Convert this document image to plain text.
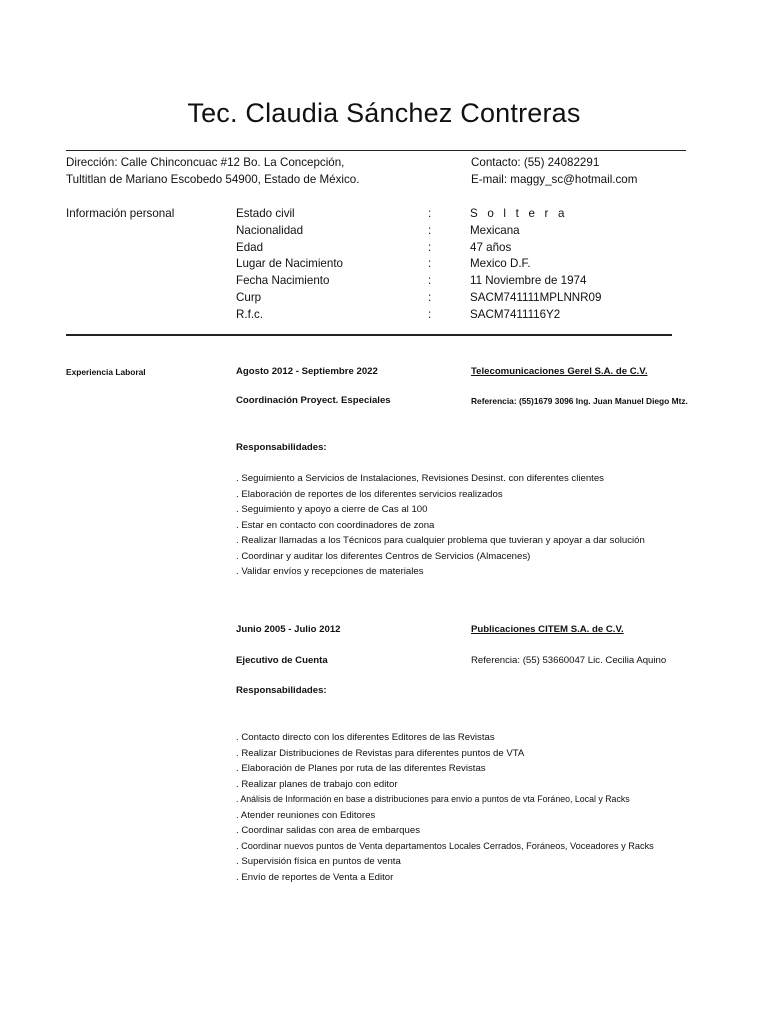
Tec. Claudia Sánchez Contreras
Dirección: Calle Chinconcuac #12 Bo. La Concepción,
Tultitlan de Mariano Escobedo 54900, Estado de México.
Contacto: (55) 24082291
E-mail: maggy_sc@hotmail.com
Información personal	Estado civil	:	S o l t e r a
Nacionalidad	:	Mexicana
Edad	:	47 años
Lugar de Nacimiento	:	Mexico D.F.
Fecha Nacimiento	:	11 Noviembre de 1974
Curp	:	SACM741111MPLNNR09
R.f.c.	:	SACM7411116Y2
Experiencia Laboral	Agosto 2012 - Septiembre 2022	Telecomunicaciones Gerel S.A. de C.V.
Coordinación Proyect. Especiales	Referencia: (55)1679 3096 Ing. Juan Manuel Diego Mtz.
Responsabilidades:
. Seguimiento a Servicios de Instalaciones, Revisiones Desinst. con diferentes clientes
. Elaboración de reportes de los diferentes servicios realizados
. Seguimiento y apoyo a cierre de Cas al 100
. Estar en contacto con coordinadores de zona
. Realizar llamadas a los Técnicos para cualquier problema que tuvieran y apoyar a dar solución
. Coordinar y auditar los diferentes Centros de Servicios (Almacenes)
. Validar envíos y recepciones de materiales
Junio 2005 - Julio 2012	Publicaciones CITEM S.A. de C.V.
Ejecutivo de Cuenta	Referencia: (55) 53660047 Lic. Cecilia Aquino
Responsabilidades:
. Contacto directo con los diferentes Editores de las Revistas
. Realizar Distribuciones de Revistas para diferentes puntos de VTA
. Elaboración de Planes por ruta de las diferentes Revistas
. Realizar planes de trabajo con editor
. Análisis de Información en base a distribuciones para envio a puntos de vta Foráneo, Local y Racks
. Atender reuniones con Editores
. Coordinar salidas con area de embarques
. Coordinar nuevos puntos de Venta departamentos Locales Cerrados, Foráneos, Voceadores y Racks
. Supervisión física en puntos de venta
. Envío de reportes de Venta a Editor
